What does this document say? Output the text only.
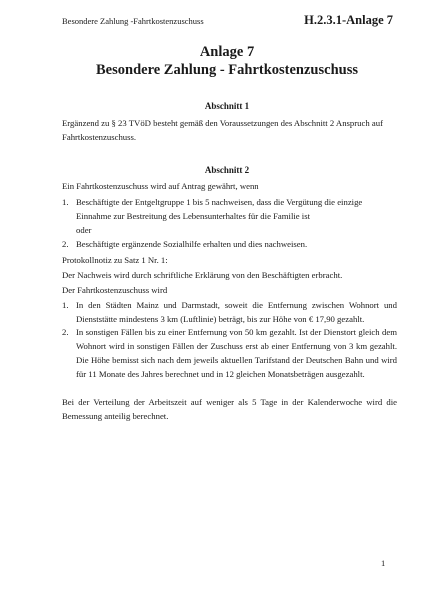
Besondere Zahlung -Fahrtkostenzuschuss	H.2.3.1-Anlage 7
Anlage 7
Besondere Zahlung - Fahrtkostenzuschuss
Abschnitt 1

Ergänzend zu § 23 TVöD besteht gemäß den Voraussetzungen des Abschnitt 2 Anspruch auf Fahrtkostenzuschuss.

Abschnitt 2

Ein Fahrtkostenzuschuss wird auf Antrag gewährt, wenn

1. Beschäftigte der Entgeltgruppe 1 bis 5 nachweisen, dass die Vergütung die einzige Einnahme zur Bestreitung des Lebensunterhaltes für die Familie ist
oder
2. Beschäftigte ergänzende Sozialhilfe erhalten und dies nachweisen.

Protokollnotiz zu Satz 1 Nr. 1:

Der Nachweis wird durch schriftliche Erklärung von den Beschäftigten erbracht.

Der Fahrtkostenzuschuss wird

1. In den Städten Mainz und Darmstadt, soweit die Entfernung zwischen Wohnort und Dienststätte mindestens 3 km (Luftlinie) beträgt, bis zur Höhe von € 17,90 gezahlt.
2. In sonstigen Fällen bis zu einer Entfernung von 50 km gezahlt. Ist der Dienstort gleich dem Wohnort wird in sonstigen Fällen der Zuschuss erst ab einer Entfernung von 3 km gezahlt. Die Höhe bemisst sich nach dem jeweils aktuellen Tarifstand der Deutschen Bahn und wird für 11 Monate des Jahres berechnet und in 12 gleichen Monatsbeträgen ausgezahlt.

Bei der Verteilung der Arbeitszeit auf weniger als 5 Tage in der Kalenderwoche wird die Bemessung anteilig berechnet.

1
